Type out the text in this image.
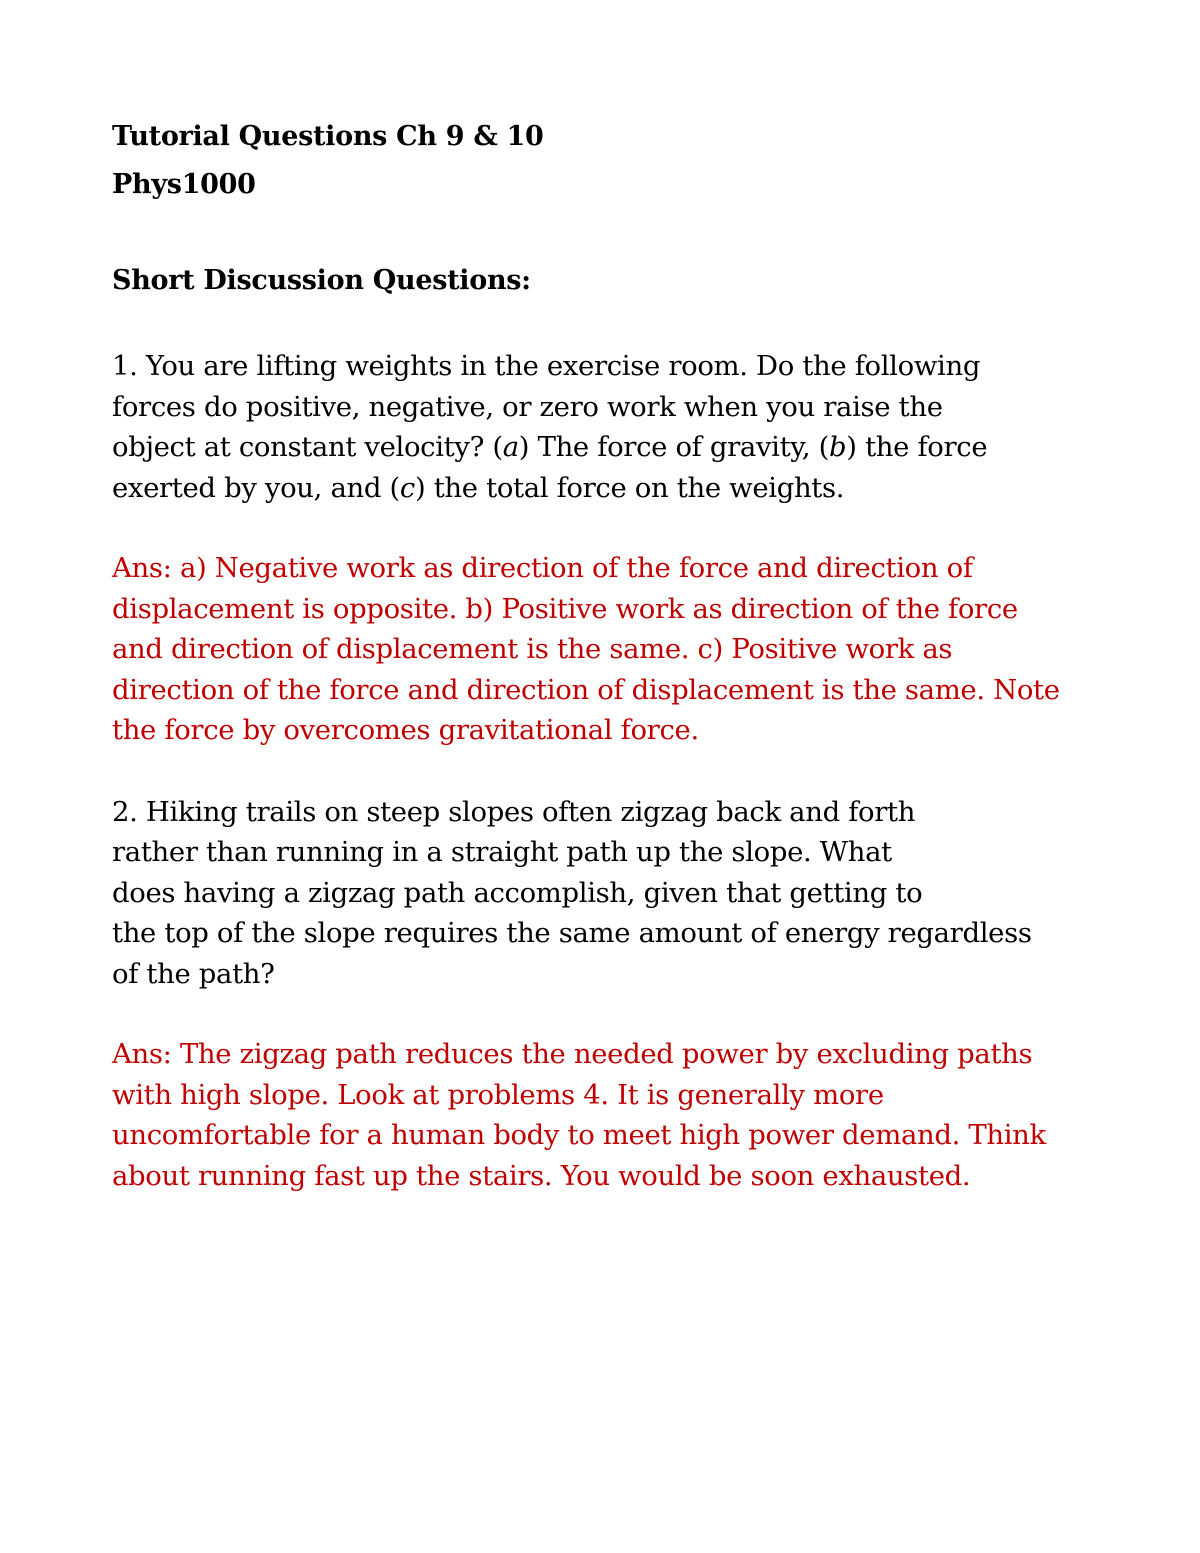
Tutorial Questions Ch 9 & 10
Phys1000
Short Discussion Questions:
1. You are lifting weights in the exercise room. Do the following
forces do positive, negative, or zero work when you raise the
object at constant velocity? (a) The force of gravity, (b) the force
exerted by you, and (c) the total force on the weights.
Ans: a) Negative work as direction of the force and direction of
displacement is opposite. b) Positive work as direction of the force
and direction of displacement is the same. c) Positive work as
direction of the force and direction of displacement is the same. Note
the force by overcomes gravitational force.
2. Hiking trails on steep slopes often zigzag back and forth
rather than running in a straight path up the slope. What
does having a zigzag path accomplish, given that getting to
the top of the slope requires the same amount of energy regardless
of the path?
Ans: The zigzag path reduces the needed power by excluding paths
with high slope. Look at problems 4. It is generally more
uncomfortable for a human body to meet high power demand. Think
about running fast up the stairs. You would be soon exhausted.
